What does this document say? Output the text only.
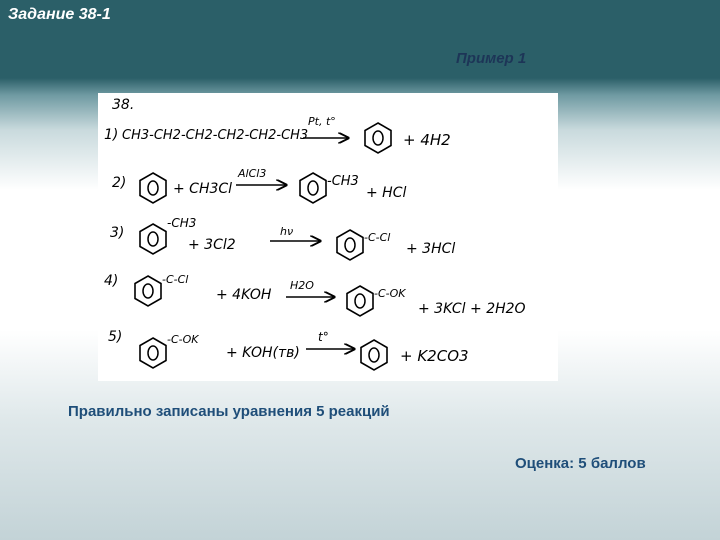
Задание 38-1
Пример 1
38.
1) CH3-CH2-CH2-CH2-CH2-CH3
Pt, t°
+ 4H2
2)	+ CH3Cl
AlCl3
-CH3
+ HCl
3)
-CH3
+ 3Cl2
hν	-C-Cl
+ 3HCl
4)	-C-Cl
+ 4KOH
H2O
-C-OK
+ 3KCl + 2H2O
5)	-C-OK
+ KOH(тв)
t°
+ K2CO3
Правильно записаны уравнения 5 реакций
Оценка: 5 баллов
